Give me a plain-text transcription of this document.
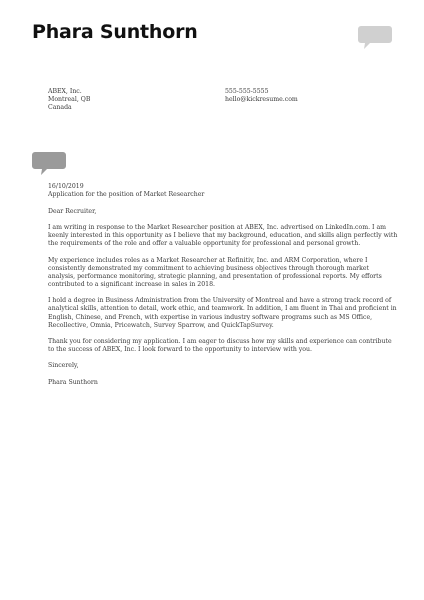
Phara Sunthorn
ABEX, Inc.
Montreal, QB
Canada
555-555-5555
hello@kickresume.com
16/10/2019
Application for the position of Market Researcher

Dear Recruiter,

I am writing in response to the Market Researcher position at ABEX, Inc. advertised on LinkedIn.com. I am keenly interested in this opportunity as I believe that my background, education, and skills align perfectly with the requirements of the role and offer a valuable opportunity for professional and personal growth.

My experience includes roles as a Market Researcher at Refinitiv, Inc. and ARM Corporation, where I consistently demonstrated my commitment to achieving business objectives through thorough market analysis, performance monitoring, strategic planning, and presentation of professional reports. My efforts contributed to a significant increase in sales in 2018.

I hold a degree in Business Administration from the University of Montreal and have a strong track record of analytical skills, attention to detail, work ethic, and teamwork. In addition, I am fluent in Thai and proficient in English, Chinese, and French, with expertise in various industry software programs such as MS Office, Recollective, Omnia, Pricewatch, Survey Sparrow, and QuickTapSurvey.

Thank you for considering my application. I am eager to discuss how my skills and experience can contribute to the success of ABEX, Inc. I look forward to the opportunity to interview with you.

Sincerely,

Phara Sunthorn
